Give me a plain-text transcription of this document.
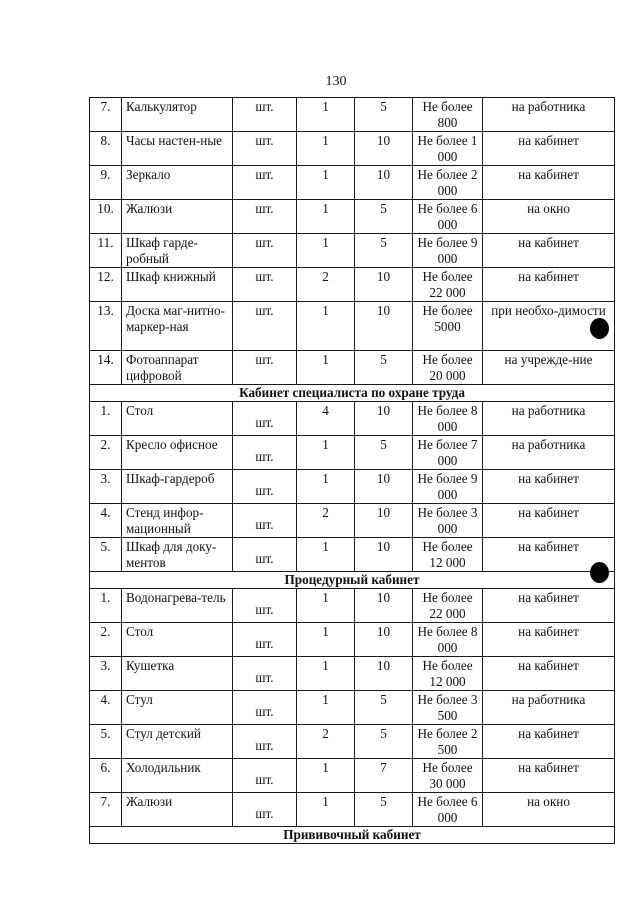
130
7.	Калькулятор	шт.	1	5	Не более 800	на работника
8.	Часы настен-ные	шт.	1	10	Не более 1 000	на кабинет
9.	Зеркало	шт.	1	10	Не более 2 000	на кабинет
10.	Жалюзи	шт.	1	5	Не более 6 000	на окно
11.	Шкаф гарде-робный	шт.	1	5	Не более 9 000	на кабинет
12.	Шкаф книжный	шт.	2	10	Не более 22 000	на кабинет
13.	Доска маг-нитно-маркер-ная	шт.	1	10	Не более 5000	при необхо-димости
14.	Фотоаппарат цифровой	шт.	1	5	Не более 20 000	на учрежде-ние
Кабинет специалиста по охране труда						
1.	Стол	шт.	4	10	Не более 8 000	на работника
2.	Кресло офисное	шт.	1	5	Не более 7 000	на работника
3.	Шкаф-гардероб	шт.	1	10	Не более 9 000	на кабинет
4.	Стенд инфор-мационный	шт.	2	10	Не более 3 000	на кабинет
5.	Шкаф для доку-ментов	шт.	1	10	Не более 12 000	на кабинет
Процедурный кабинет						
1.	Водонагрева-тель	шт.	1	10	Не более 22 000	на кабинет
2.	Стол	шт.	1	10	Не более 8 000	на кабинет
3.	Кушетка	шт.	1	10	Не более 12 000	на кабинет
4.	Стул	шт.	1	5	Не более 3 500	на работника
5.	Стул детский	шт.	2	5	Не более 2 500	на кабинет
6.	Холодильник	шт.	1	7	Не более 30 000	на кабинет
7.	Жалюзи	шт.	1	5	Не более 6 000	на окно
Прививочный кабинет						
